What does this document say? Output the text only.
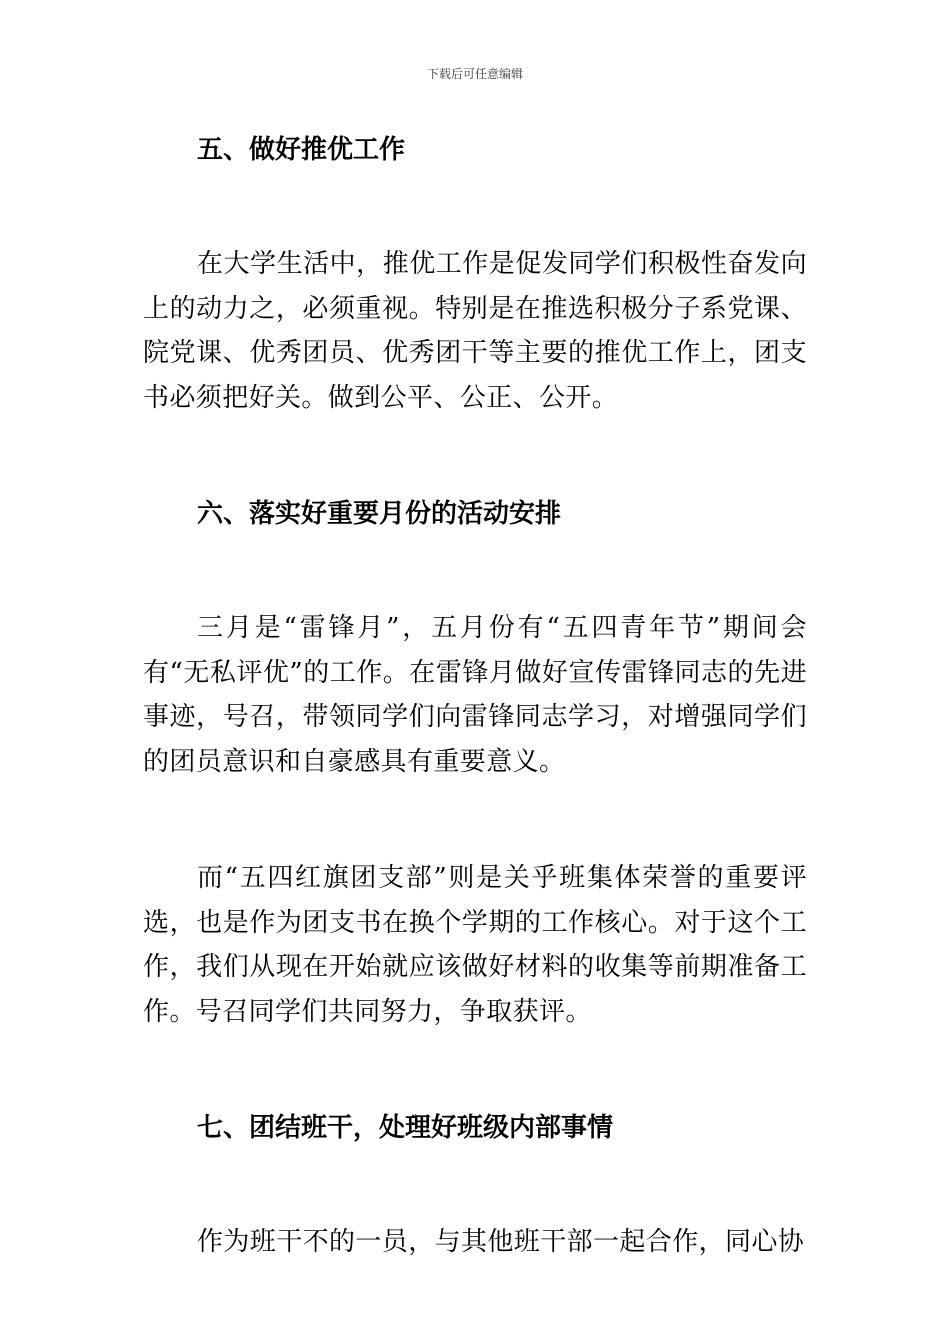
下载后可任意编辑
五、做好推优工作

在大学生活中，推优工作是促发同学们积极性奋发向上的动力之，必须重视。特别是在推选积极分子系党课、院党课、优秀团员、优秀团干等主要的推优工作上，团支书必须把好关。做到公平、公正、公开。

六、落实好重要月份的活动安排

三月是“雷锋月”，五月份有“五四青年节”期间会有“无私评优”的工作。在雷锋月做好宣传雷锋同志的先进事迹，号召，带领同学们向雷锋同志学习，对增强同学们的团员意识和自豪感具有重要意义。

而“五四红旗团支部”则是关乎班集体荣誉的重要评选，也是作为团支书在换个学期的工作核心。对于这个工作，我们从现在开始就应该做好材料的收集等前期准备工作。号召同学们共同努力，争取获评。

七、团结班干，处理好班级内部事情

作为班干不的一员，与其他班干部一起合作，同心协
